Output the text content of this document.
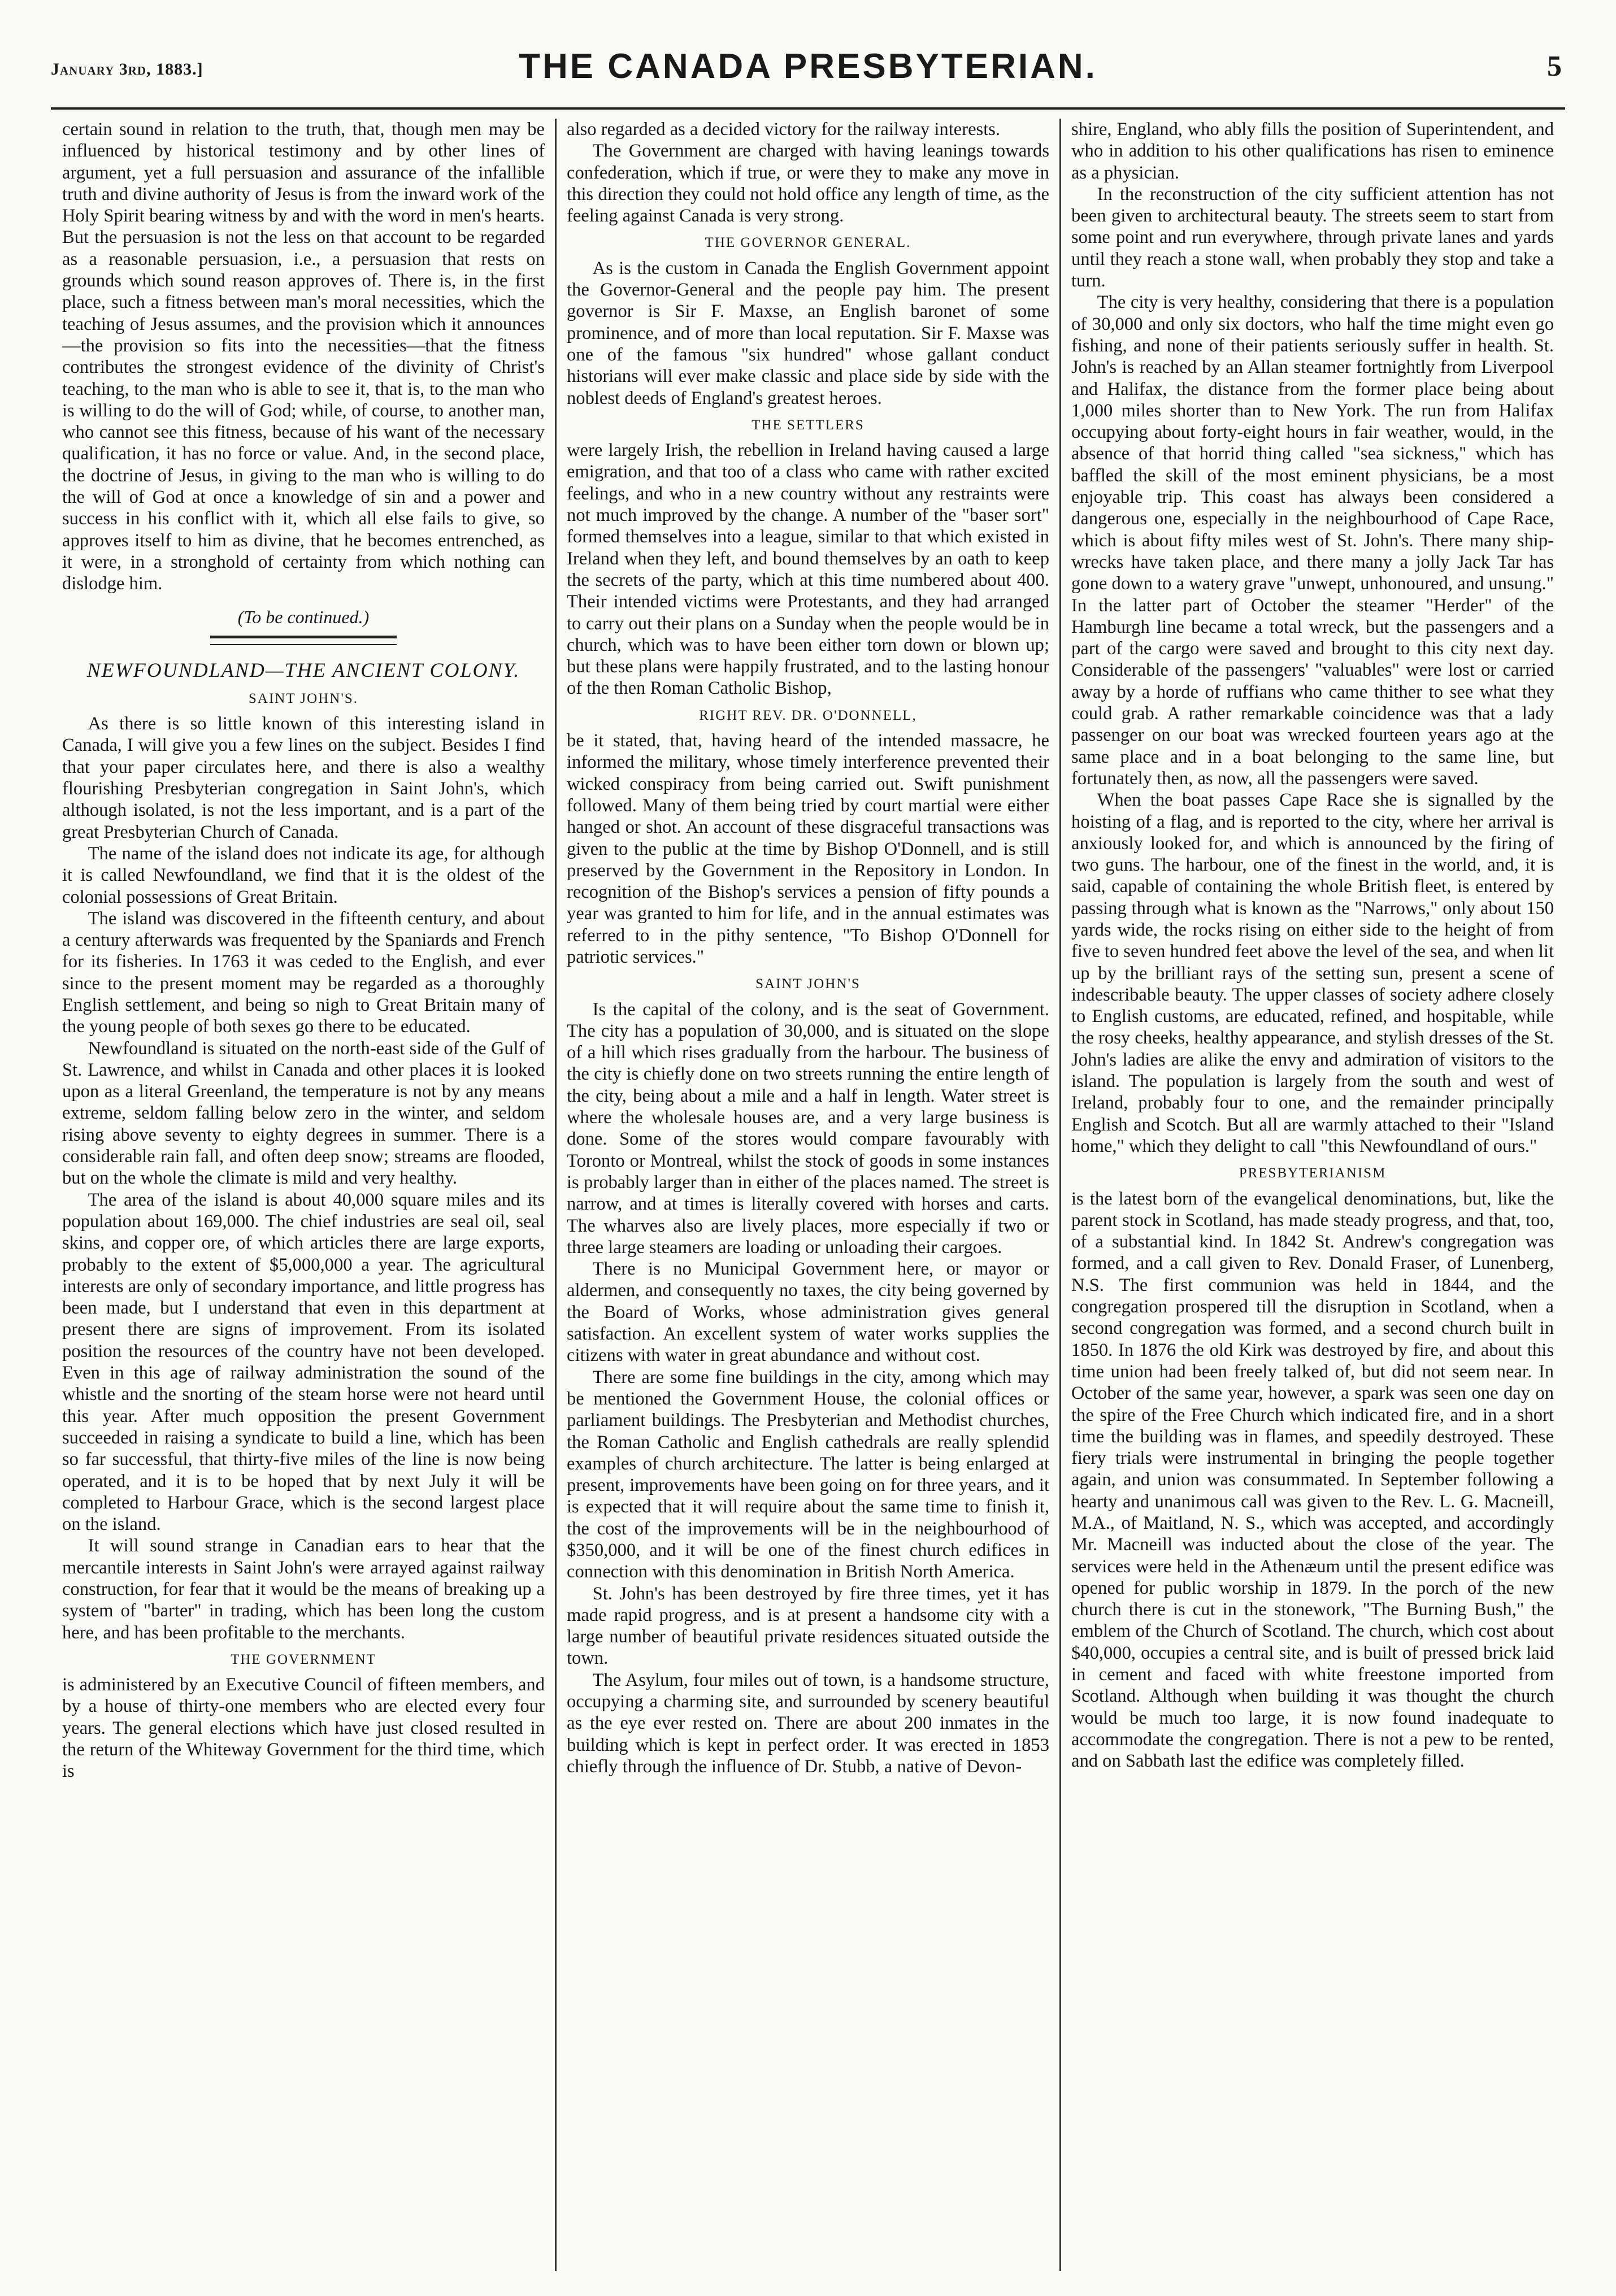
January 3rd, 1883.]	THE CANADA PRESBYTERIAN.	5

certain sound in relation to the truth, that, though men may be influenced by historical testimony and by other lines of argument, yet a full persuasion and assurance of the infallible truth and divine authority of Jesus is from the inward work of the Holy Spirit bearing witness by and with the word in men's hearts. But the persuasion is not the less on that account to be regarded as a reasonable persuasion, i.e., a persuasion that rests on grounds which sound reason approves of. There is, in the first place, such a fitness between man's moral necessities, which the teaching of Jesus assumes, and the provision which it announces—the provision so fits into the necessities—that the fitness contributes the strongest evidence of the divinity of Christ's teaching, to the man who is able to see it, that is, to the man who is willing to do the will of God; while, of course, to another man, who cannot see this fitness, because of his want of the necessary qualification, it has no force or value. And, in the second place, the doctrine of Jesus, in giving to the man who is willing to do the will of God at once a knowledge of sin and a power and success in his conflict with it, which all else fails to give, so approves itself to him as divine, that he becomes entrenched, as it were, in a stronghold of certainty from which nothing can dislodge him.

(To be continued.)
NEWFOUNDLAND—THE ANCIENT COLONY.
SAINT JOHN'S.

As there is so little known of this interesting island in Canada, I will give you a few lines on the subject. Besides I find that your paper circulates here, and there is also a wealthy flourishing Presbyterian congregation in Saint John's, which although isolated, is not the less important, and is a part of the great Presbyterian Church of Canada.

The name of the island does not indicate its age, for although it is called Newfoundland, we find that it is the oldest of the colonial possessions of Great Britain.

The island was discovered in the fifteenth century, and about a century afterwards was frequented by the Spaniards and French for its fisheries. In 1763 it was ceded to the English, and ever since to the present moment may be regarded as a thoroughly English settlement, and being so nigh to Great Britain many of the young people of both sexes go there to be educated.

Newfoundland is situated on the north-east side of the Gulf of St. Lawrence, and whilst in Canada and other places it is looked upon as a literal Greenland, the temperature is not by any means extreme, seldom falling below zero in the winter, and seldom rising above seventy to eighty degrees in summer. There is a considerable rain fall, and often deep snow; streams are flooded, but on the whole the climate is mild and very healthy.

The area of the island is about 40,000 square miles and its population about 169,000. The chief industries are seal oil, seal skins, and copper ore, of which articles there are large exports, probably to the extent of $5,000,000 a year. The agricultural interests are only of secondary importance, and little progress has been made, but I understand that even in this department at present there are signs of improvement. From its isolated position the resources of the country have not been developed. Even in this age of railway administration the sound of the whistle and the snorting of the steam horse were not heard until this year. After much opposition the present Government succeeded in raising a syndicate to build a line, which has been so far successful, that thirty-five miles of the line is now being operated, and it is to be hoped that by next July it will be completed to Harbour Grace, which is the second largest place on the island.

It will sound strange in Canadian ears to hear that the mercantile interests in Saint John's were arrayed against railway construction, for fear that it would be the means of breaking up a system of "barter" in trading, which has been long the custom here, and has been profitable to the merchants.

THE GOVERNMENT

is administered by an Executive Council of fifteen members, and by a house of thirty-one members who are elected every four years. The general elections which have just closed resulted in the return of the Whiteway Government for the third time, which is

also regarded as a decided victory for the railway interests.

The Government are charged with having leanings towards confederation, which if true, or were they to make any move in this direction they could not hold office any length of time, as the feeling against Canada is very strong.

THE GOVERNOR GENERAL.

As is the custom in Canada the English Government appoint the Governor-General and the people pay him. The present governor is Sir F. Maxse, an English baronet of some prominence, and of more than local reputation. Sir F. Maxse was one of the famous "six hundred" whose gallant conduct historians will ever make classic and place side by side with the noblest deeds of England's greatest heroes.

THE SETTLERS

were largely Irish, the rebellion in Ireland having caused a large emigration, and that too of a class who came with rather excited feelings, and who in a new country without any restraints were not much improved by the change. A number of the "baser sort" formed themselves into a league, similar to that which existed in Ireland when they left, and bound themselves by an oath to keep the secrets of the party, which at this time numbered about 400. Their intended victims were Protestants, and they had arranged to carry out their plans on a Sunday when the people would be in church, which was to have been either torn down or blown up; but these plans were happily frustrated, and to the lasting honour of the then Roman Catholic Bishop,

RIGHT REV. DR. O'DONNELL,

be it stated, that, having heard of the intended massacre, he informed the military, whose timely interference prevented their wicked conspiracy from being carried out. Swift punishment followed. Many of them being tried by court martial were either hanged or shot. An account of these disgraceful transactions was given to the public at the time by Bishop O'Donnell, and is still preserved by the Government in the Repository in London. In recognition of the Bishop's services a pension of fifty pounds a year was granted to him for life, and in the annual estimates was referred to in the pithy sentence, "To Bishop O'Donnell for patriotic services."

SAINT JOHN'S

Is the capital of the colony, and is the seat of Government. The city has a population of 30,000, and is situated on the slope of a hill which rises gradually from the harbour. The business of the city is chiefly done on two streets running the entire length of the city, being about a mile and a half in length. Water street is where the wholesale houses are, and a very large business is done. Some of the stores would compare favourably with Toronto or Montreal, whilst the stock of goods in some instances is probably larger than in either of the places named. The street is narrow, and at times is literally covered with horses and carts. The wharves also are lively places, more especially if two or three large steamers are loading or unloading their cargoes.

There is no Municipal Government here, or mayor or aldermen, and consequently no taxes, the city being governed by the Board of Works, whose administration gives general satisfaction. An excellent system of water works supplies the citizens with water in great abundance and without cost.

There are some fine buildings in the city, among which may be mentioned the Government House, the colonial offices or parliament buildings. The Presbyterian and Methodist churches, the Roman Catholic and English cathedrals are really splendid examples of church architecture. The latter is being enlarged at present, improvements have been going on for three years, and it is expected that it will require about the same time to finish it, the cost of the improvements will be in the neighbourhood of $350,000, and it will be one of the finest church edifices in connection with this denomination in British North America.

St. John's has been destroyed by fire three times, yet it has made rapid progress, and is at present a handsome city with a large number of beautiful private residences situated outside the town.

The Asylum, four miles out of town, is a handsome structure, occupying a charming site, and surrounded by scenery beautiful as the eye ever rested on. There are about 200 inmates in the building which is kept in perfect order. It was erected in 1853 chiefly through the influence of Dr. Stubb, a native of Devon-

shire, England, who ably fills the position of Superintendent, and who in addition to his other qualifications has risen to eminence as a physician.

In the reconstruction of the city sufficient attention has not been given to architectural beauty. The streets seem to start from some point and run everywhere, through private lanes and yards until they reach a stone wall, when probably they stop and take a turn.

The city is very healthy, considering that there is a population of 30,000 and only six doctors, who half the time might even go fishing, and none of their patients seriously suffer in health. St. John's is reached by an Allan steamer fortnightly from Liverpool and Halifax, the distance from the former place being about 1,000 miles shorter than to New York. The run from Halifax occupying about forty-eight hours in fair weather, would, in the absence of that horrid thing called "sea sickness," which has baffled the skill of the most eminent physicians, be a most enjoyable trip. This coast has always been considered a dangerous one, especially in the neighbourhood of Cape Race, which is about fifty miles west of St. John's. There many ship-wrecks have taken place, and there many a jolly Jack Tar has gone down to a watery grave "unwept, unhonoured, and unsung." In the latter part of October the steamer "Herder" of the Hamburgh line became a total wreck, but the passengers and a part of the cargo were saved and brought to this city next day. Considerable of the passengers' "valuables" were lost or carried away by a horde of ruffians who came thither to see what they could grab. A rather remarkable coincidence was that a lady passenger on our boat was wrecked fourteen years ago at the same place and in a boat belonging to the same line, but fortunately then, as now, all the passengers were saved.

When the boat passes Cape Race she is signalled by the hoisting of a flag, and is reported to the city, where her arrival is anxiously looked for, and which is announced by the firing of two guns. The harbour, one of the finest in the world, and, it is said, capable of containing the whole British fleet, is entered by passing through what is known as the "Narrows," only about 150 yards wide, the rocks rising on either side to the height of from five to seven hundred feet above the level of the sea, and when lit up by the brilliant rays of the setting sun, present a scene of indescribable beauty. The upper classes of society adhere closely to English customs, are educated, refined, and hospitable, while the rosy cheeks, healthy appearance, and stylish dresses of the St. John's ladies are alike the envy and admiration of visitors to the island. The population is largely from the south and west of Ireland, probably four to one, and the remainder principally English and Scotch. But all are warmly attached to their "Island home," which they delight to call "this Newfoundland of ours."

PRESBYTERIANISM

is the latest born of the evangelical denominations, but, like the parent stock in Scotland, has made steady progress, and that, too, of a substantial kind. In 1842 St. Andrew's congregation was formed, and a call given to Rev. Donald Fraser, of Lunenberg, N.S. The first communion was held in 1844, and the congregation prospered till the disruption in Scotland, when a second congregation was formed, and a second church built in 1850. In 1876 the old Kirk was destroyed by fire, and about this time union had been freely talked of, but did not seem near. In October of the same year, however, a spark was seen one day on the spire of the Free Church which indicated fire, and in a short time the building was in flames, and speedily destroyed. These fiery trials were instrumental in bringing the people together again, and union was consummated. In September following a hearty and unanimous call was given to the Rev. L. G. Macneill, M.A., of Maitland, N. S., which was accepted, and accordingly Mr. Macneill was inducted about the close of the year. The services were held in the Athenæum until the present edifice was opened for public worship in 1879. In the porch of the new church there is cut in the stonework, "The Burning Bush," the emblem of the Church of Scotland. The church, which cost about $40,000, occupies a central site, and is built of pressed brick laid in cement and faced with white freestone imported from Scotland. Although when building it was thought the church would be much too large, it is now found inadequate to accommodate the congregation. There is not a pew to be rented, and on Sabbath last the edifice was completely filled.
